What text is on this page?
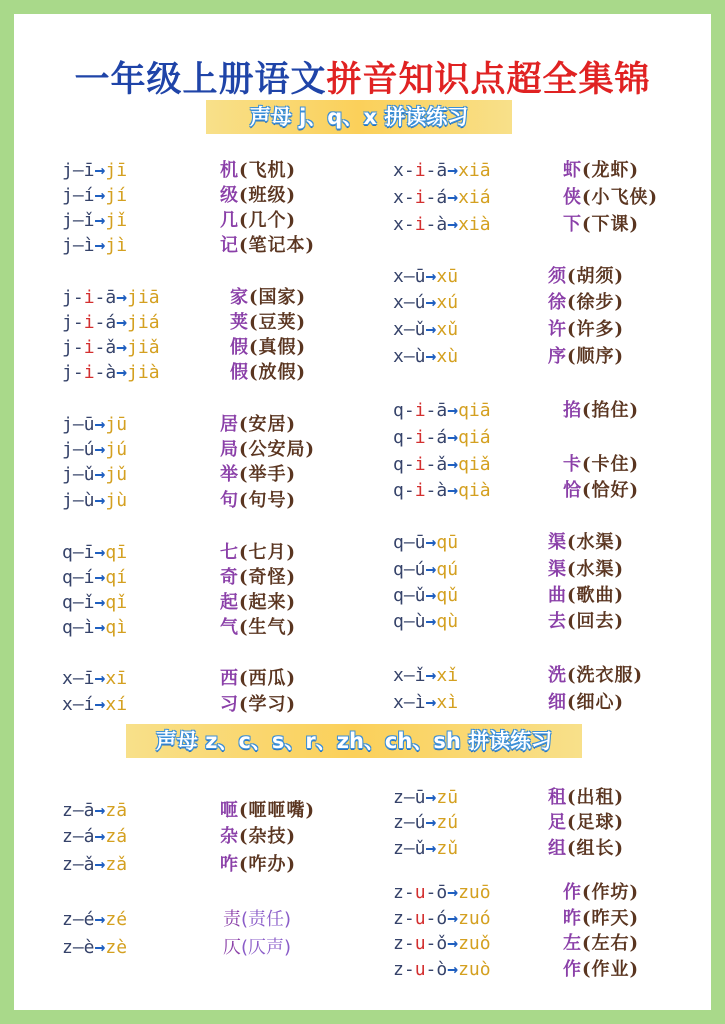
一年级上册语文拼音知识点超全集锦
声母 j、q、x 拼读练习
声母 z、c、s、r、zh、ch、sh 拼读练习
j—ī→jī	机(飞机)
j—í→jí	级(班级)
j—ǐ→jǐ	几(几个)
j—ì→jì	记(笔记本)
j-i-ā→jiā	家(国家)
j-i-á→jiá	荚(豆荚)
j-i-ǎ→jiǎ	假(真假)
j-i-à→jià	假(放假)
j—ū→jū	居(安居)
j—ú→jú	局(公安局)
j—ǔ→jǔ	举(举手)
j—ù→jù	句(句号)
q—ī→qī	七(七月)
q—í→qí	奇(奇怪)
q—ǐ→qǐ	起(起来)
q—ì→qì	气(生气)
x—ī→xī	西(西瓜)
x—í→xí	习(学习)
z—ā→zā	咂(咂咂嘴)
z—á→zá	杂(杂技)
z—ǎ→zǎ	咋(咋办)
z—é→zé	责(责任)
z—è→zè	仄(仄声)
x-i-ā→xiā	虾(龙虾)
x-i-á→xiá	侠(小飞侠)
x-i-à→xià	下(下课)
x—ū→xū	须(胡须)
x—ú→xú	徐(徐步)
x—ǔ→xǔ	许(许多)
x—ù→xù	序(顺序)
q-i-ā→qiā	掐(掐住)
q-i-á→qiá
q-i-ǎ→qiǎ	卡(卡住)
q-i-à→qià	恰(恰好)
q—ū→qū	渠(水渠)
q—ú→qú	渠(水渠)
q—ǔ→qǔ	曲(歌曲)
q—ù→qù	去(回去)
x—ǐ→xǐ	洗(洗衣服)
x—ì→xì	细(细心)
z—ū→zū	租(出租)
z—ú→zú	足(足球)
z—ǔ→zǔ	组(组长)
z-u-ō→zuō	作(作坊)
z-u-ó→zuó	昨(昨天)
z-u-ǒ→zuǒ	左(左右)
z-u-ò→zuò	作(作业)
